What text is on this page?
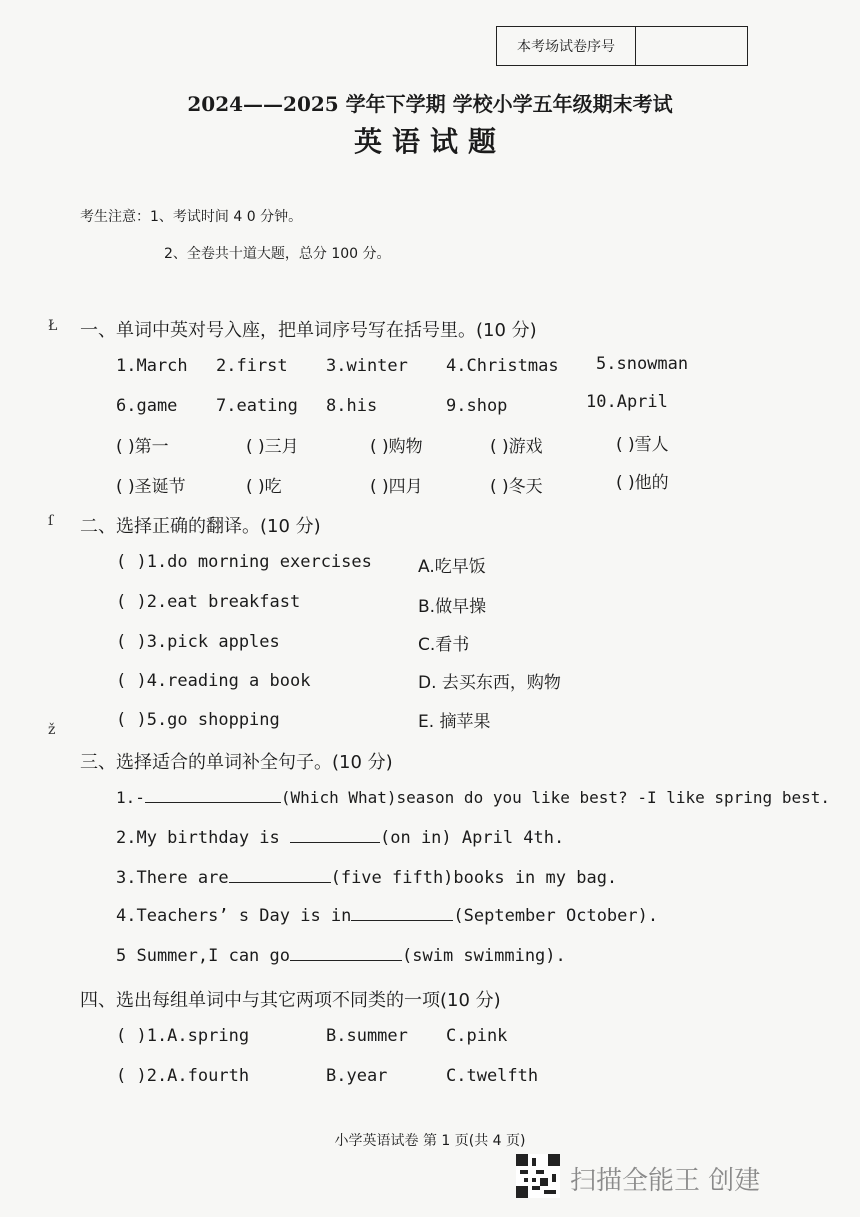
本考场试卷序号
2024——2025 学年下学期 学校小学五年级期末考试
英语试题
考生注意：1、考试时间 4 0 分钟。
2、全卷共十道大题，总分 100 分。
Ł
ſ
ž
一、单词中英对号入座，把单词序号写在括号里。(10 分)
1.March 2.first 3.winter 4.Christmas 5.snowman
6.game 7.eating 8.his	9.shop	10.April
( )第一	( )三月	( )购物	( )游戏	( )雪人
( )圣诞节	( )吃	( )四月	( )冬天	( )他的
二、选择正确的翻译。(10 分)
( )1.do morning exercises	A.吃早饭
( )2.eat breakfast	B.做早操
( )3.pick apples	C.看书
( )4.reading a book	D. 去买东西，购物
( )5.go shopping	E. 摘苹果
三、选择适合的单词补全句子。(10 分)
1.-	(Which What)season do you like best? -I like spring best.
2.My birthday is	(on in) April 4th.
3.There are	(five fifth)books in my bag.
4.Teachers’ s Day is in	(September October).
5 Summer,I can go	(swim swimming).
四、选出每组单词中与其它两项不同类的一项(10 分)
( )1.A.spring	B.summer C.pink
( )2.A.fourth	B.year	C.twelfth
小学英语试卷 第 1 页(共 4 页)
扫描全能王 创建
